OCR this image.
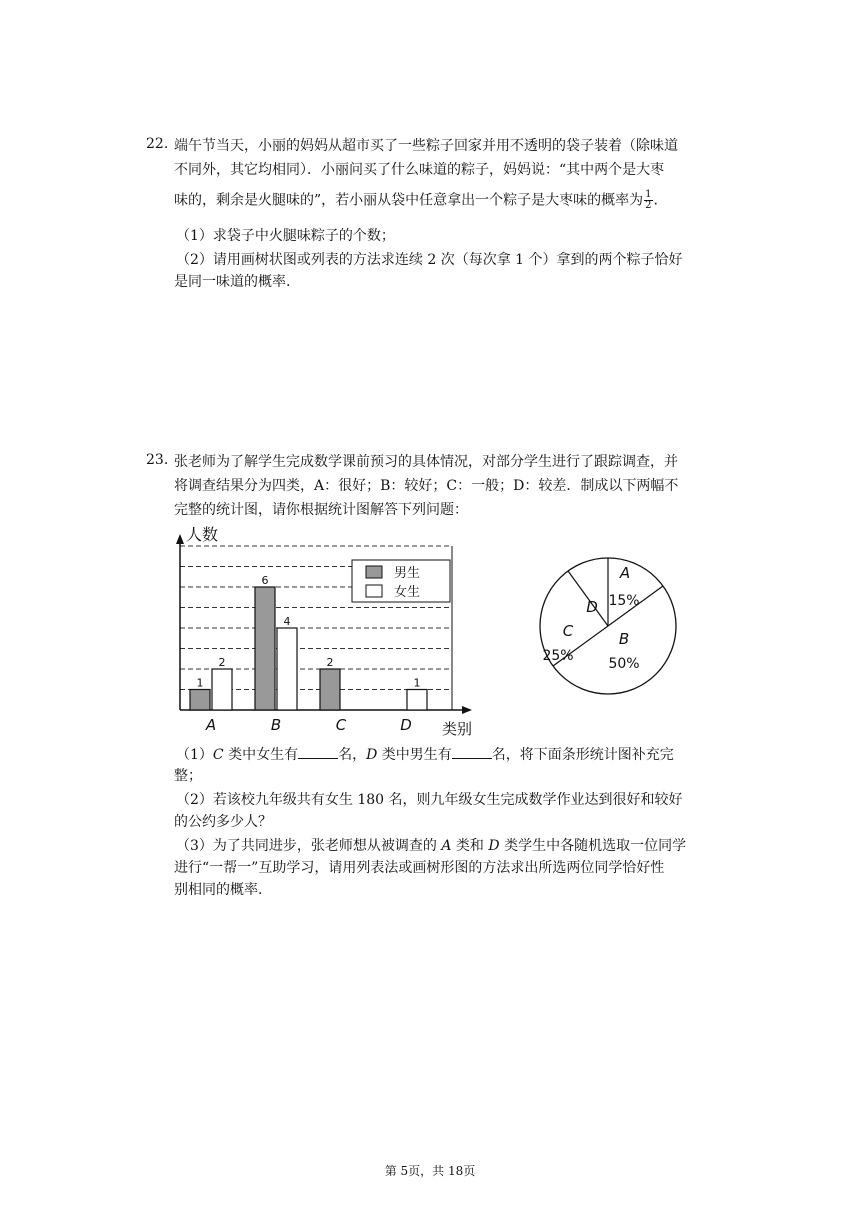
22. 端午节当天，小丽的妈妈从超市买了一些粽子回家并用不透明的袋子装着（除味道
不同外，其它均相同）．小丽问买了什么味道的粽子，妈妈说：“其中两个是大枣
味的，剩余是火腿味的”，若小丽从袋中任意拿出一个粽子是大枣味的概率为 $\frac{1}{2}$ .
（1）求袋子中火腿味粽子的个数；
（2）请用画树状图或列表的方法求连续 2 次（每次拿 1 个）拿到的两个粽子恰好
是同一味道的概率.
23. 张老师为了解学生完成数学课前预习的具体情况，对部分学生进行了跟踪调查，并
将调查结果分为四类，A：很好；B：较好；C：一般；D：较差．制成以下两幅不
完整的统计图，请你根据统计图解答下列问题：
人数
类别
A	B	C	D
1
6
2
2
4
1
男生
女生
A
15%
B
50%
C
25%
D
（1）C 类中女生有	名，D 类中男生有	名，将下面条形统计图补充完
整；
（2）若该校九年级共有女生 180 名，则九年级女生完成数学作业达到很好和较好
的公约多少人？
（3）为了共同进步，张老师想从被调查的 A 类和 D 类学生中各随机选取一位同学
进行“一帮一”互助学习，请用列表法或画树形图的方法求出所选两位同学恰好性
别相同的概率.
第 5页，共 18页
